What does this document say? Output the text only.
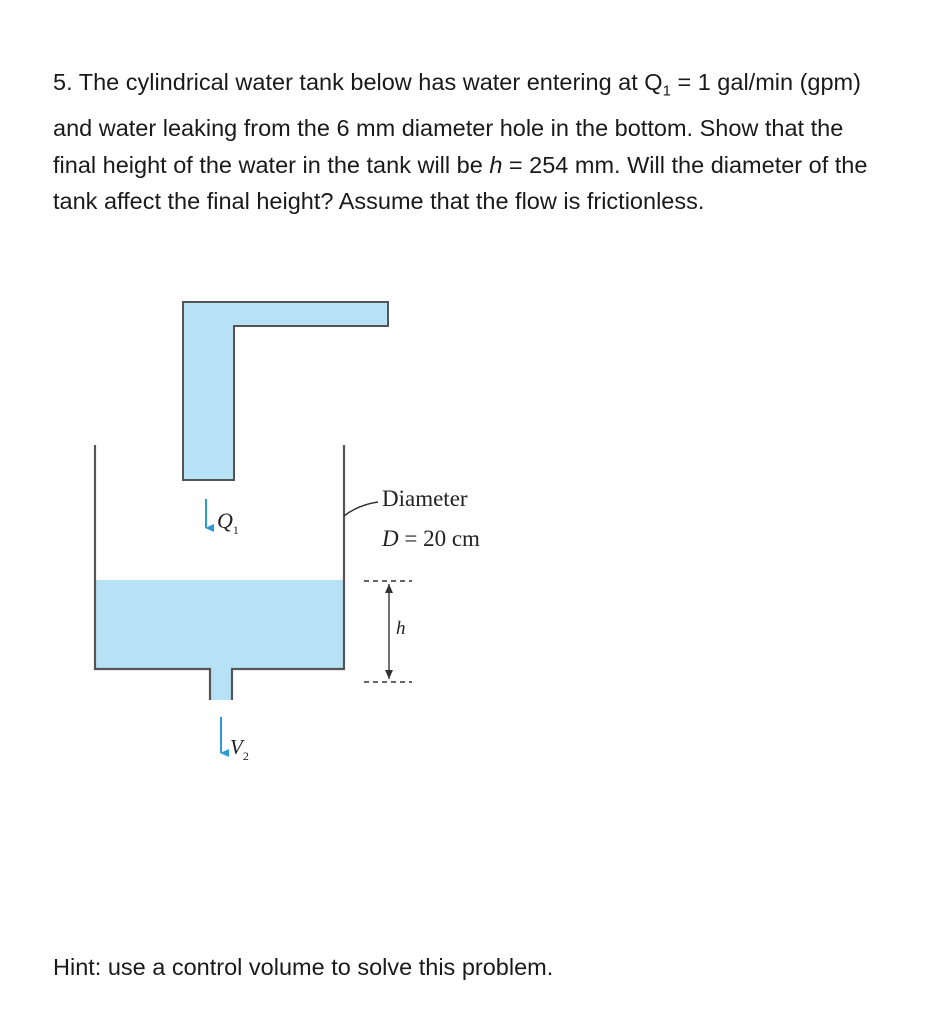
5. The cylindrical water tank below has water entering at $Q_1 = 1$ gal/min (gpm) and water leaking from the 6 mm diameter hole in the bottom. Show that the final height of the water in the tank will be h = 254 mm. Will the diameter of the tank affect the final height? Assume that the flow is frictionless.

$Q_1$
$V_2$
Diameter
D = 20 cm
h
Hint: use a control volume to solve this problem.
